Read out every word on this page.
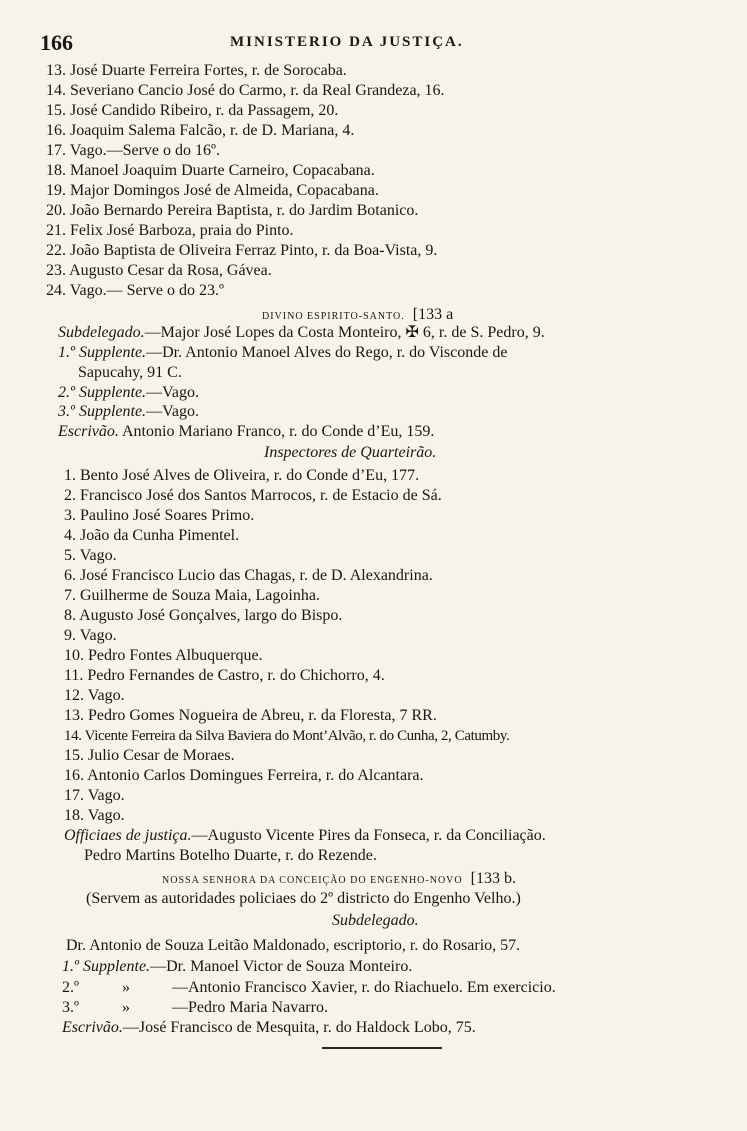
166	MINISTERIO DA JUSTIÇA.
13. José Duarte Ferreira Fortes, r. de Sorocaba.
14. Severiano Cancio José do Carmo, r. da Real Grandeza, 16.
15. José Candido Ribeiro, r. da Passagem, 20.
16. Joaquim Salema Falcão, r. de D. Mariana, 4.
17. Vago.—Serve o do 16º.
18. Manoel Joaquim Duarte Carneiro, Copacabana.
19. Major Domingos José de Almeida, Copacabana.
20. João Bernardo Pereira Baptista, r. do Jardim Botanico.
21. Felix José Barboza, praia do Pinto.
22. João Baptista de Oliveira Ferraz Pinto, r. da Boa-Vista, 9.
23. Augusto Cesar da Rosa, Gávea.
24. Vago.— Serve o do 23.º
DIVINO ESPIRITO-SANTO. [133 a
Subdelegado.—Major José Lopes da Costa Monteiro, ✠ 6, r. de S. Pedro, 9.
1.º Supplente.—Dr. Antonio Manoel Alves do Rego, r. do Visconde de
Sapucahy, 91 C.
2.º Supplente.—Vago.
3.º Supplente.—Vago.
Escrivão. Antonio Mariano Franco, r. do Conde d’Eu, 159.
Inspectores de Quarteirão.
1. Bento José Alves de Oliveira, r. do Conde d’Eu, 177.
2. Francisco José dos Santos Marrocos, r. de Estacio de Sá.
3. Paulino José Soares Primo.
4. João da Cunha Pimentel.
5. Vago.
6. José Francisco Lucio das Chagas, r. de D. Alexandrina.
7. Guilherme de Souza Maia, Lagoinha.
8. Augusto José Gonçalves, largo do Bispo.
9. Vago.
10. Pedro Fontes Albuquerque.
11. Pedro Fernandes de Castro, r. do Chichorro, 4.
12. Vago.
13. Pedro Gomes Nogueira de Abreu, r. da Floresta, 7 RR.
14. Vicente Ferreira da Silva Baviera do Mont’Alvão, r. do Cunha, 2, Catumby.
15. Julio Cesar de Moraes.
16. Antonio Carlos Domingues Ferreira, r. do Alcantara.
17. Vago.
18. Vago.
Officiaes de justiça.—Augusto Vicente Pires da Fonseca, r. da Conciliação.
Pedro Martins Botelho Duarte, r. do Rezende.
NOSSA SENHORA DA CONCEIÇÃO DO ENGENHO-NOVO [133 b.
(Servem as autoridades policiaes do 2º districto do Engenho Velho.)
Subdelegado.
Dr. Antonio de Souza Leitão Maldonado, escriptorio, r. do Rosario, 57.
1.º Supplente.—Dr. Manoel Victor de Souza Monteiro.
2.º	»	—Antonio Francisco Xavier, r. do Riachuelo. Em exercicio.
3.º	»	—Pedro Maria Navarro.
Escrivão.—José Francisco de Mesquita, r. do Haldock Lobo, 75.
